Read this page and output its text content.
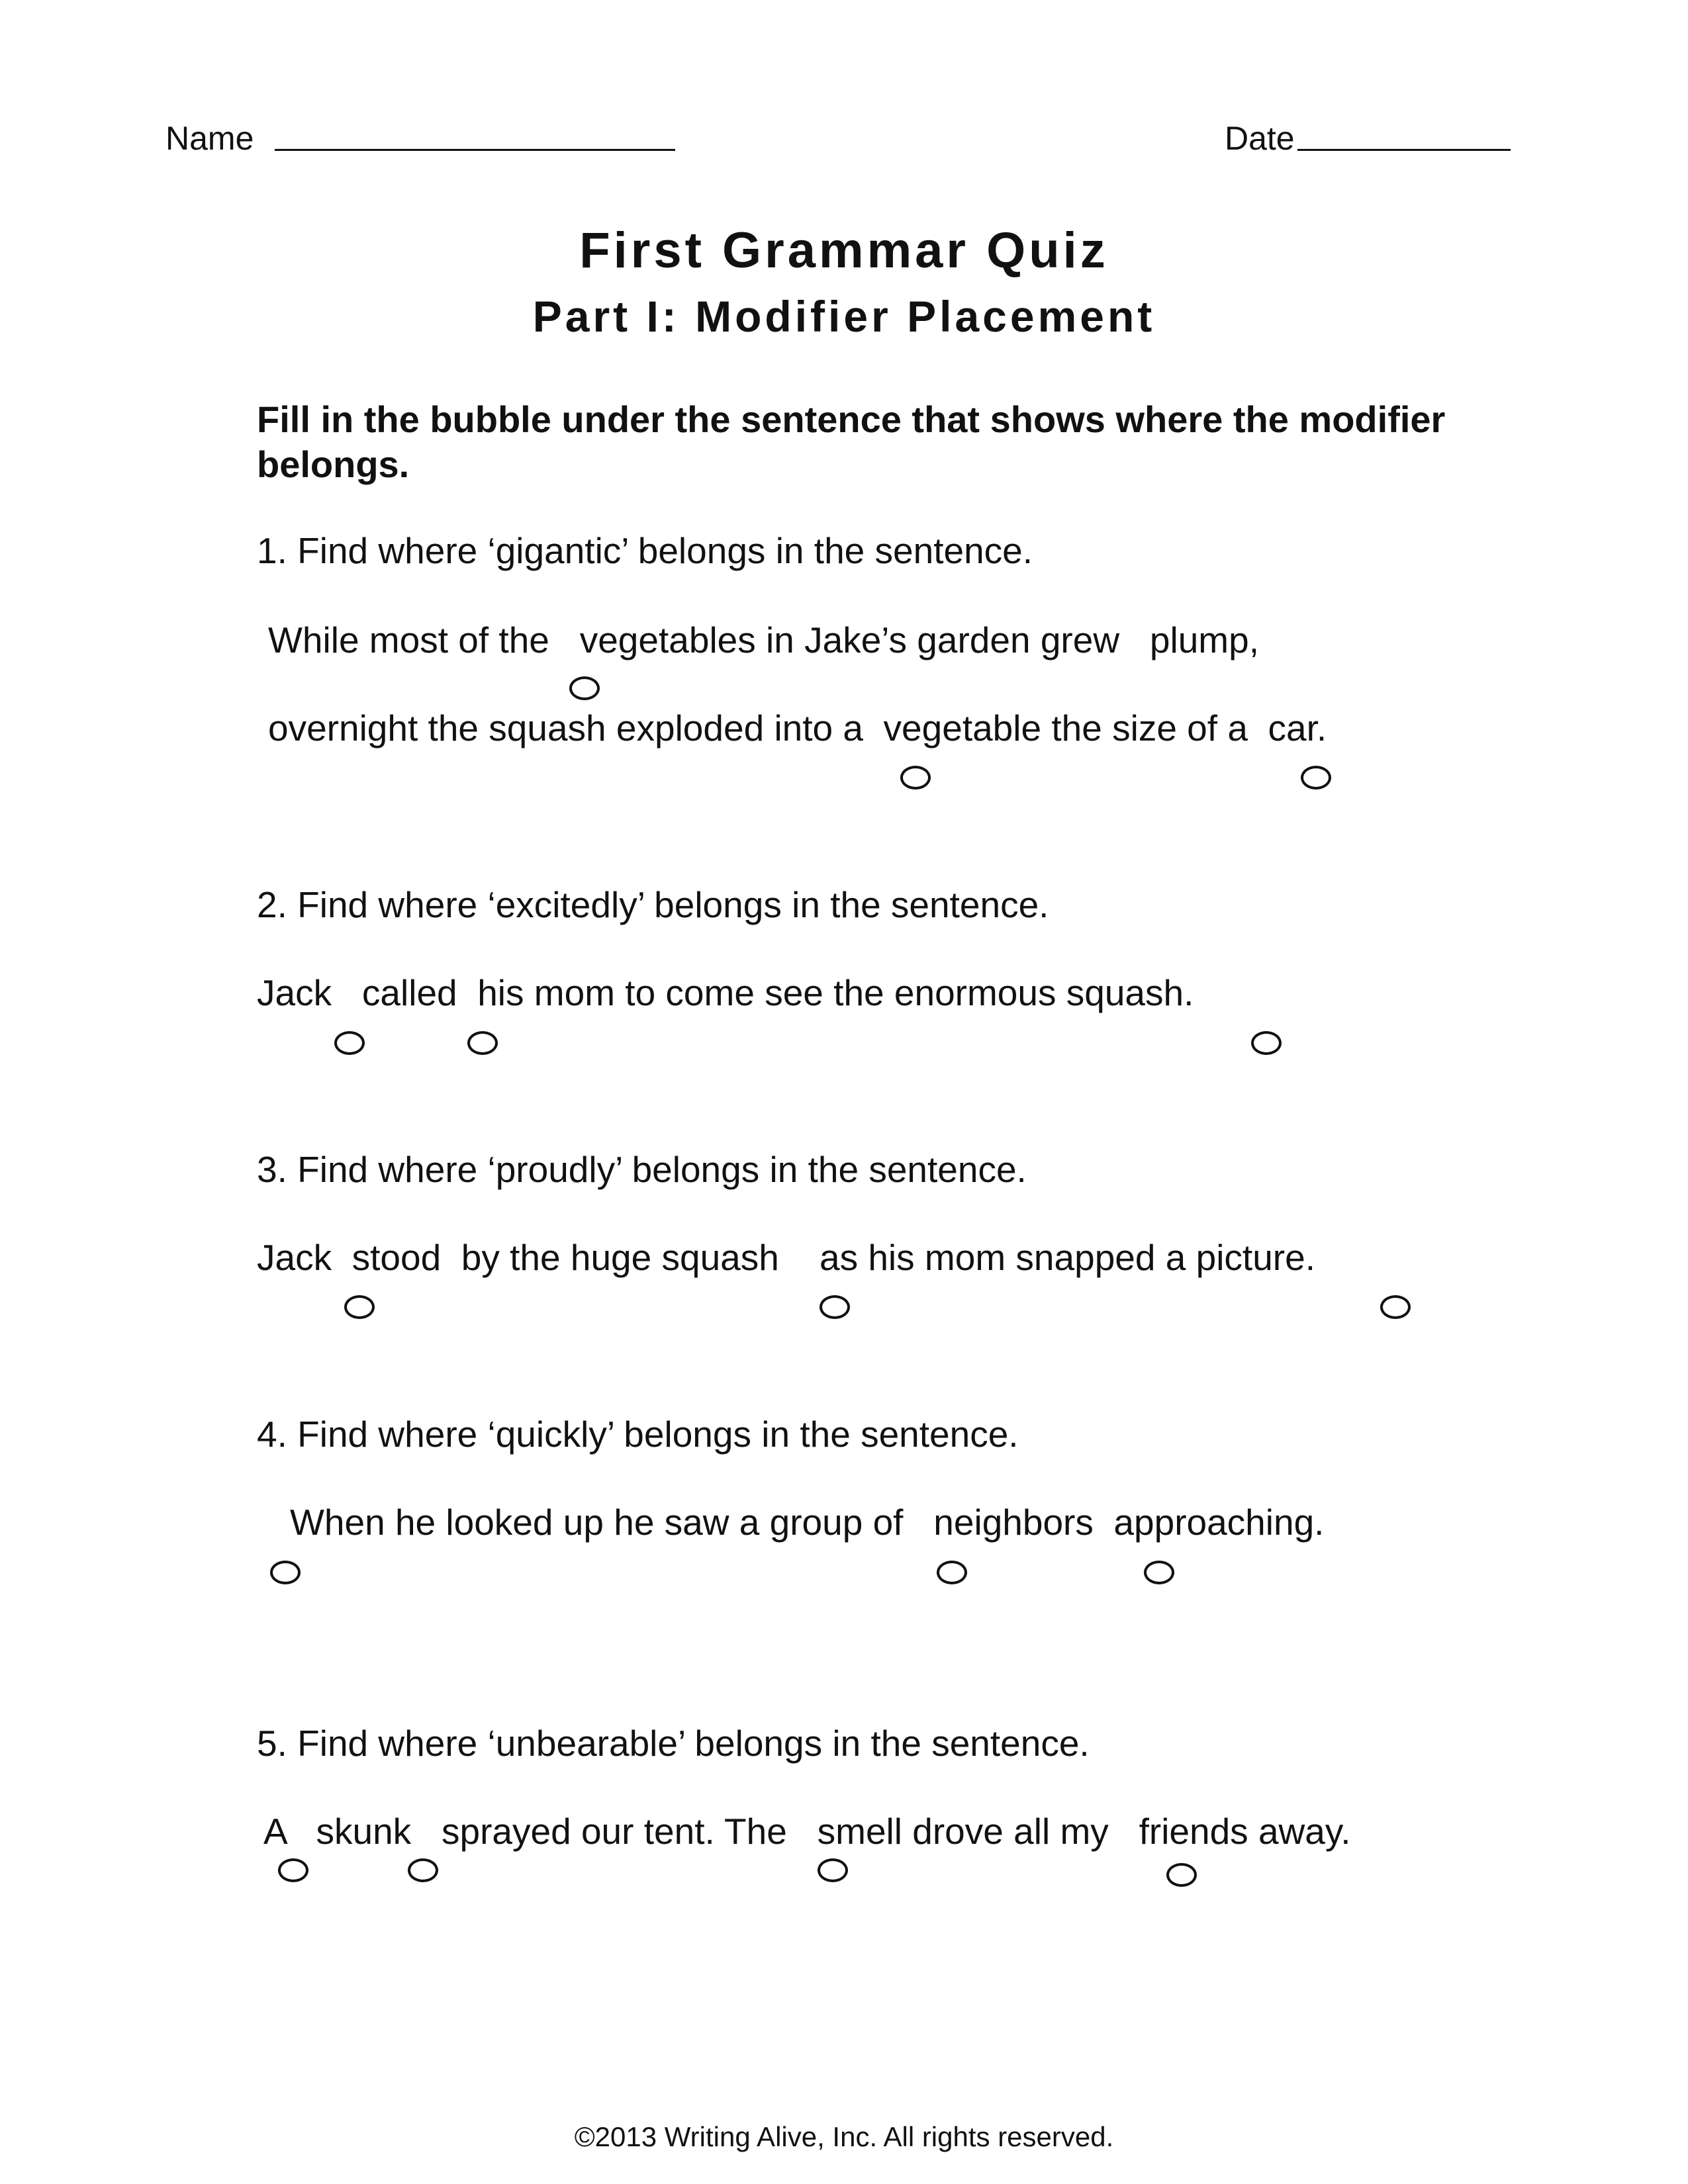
Name	Date
First Grammar Quiz
Part I: Modifier Placement
Fill in the bubble under the sentence that shows where the modifier belongs.
1. Find where ‘gigantic’ belongs in the sentence.
While most of the   vegetables in Jake’s garden grew   plump,
overnight the squash exploded into a  vegetable the size of a  car.
2. Find where ‘excitedly’ belongs in the sentence.
Jack   called  his mom to come see the enormous squash.
3. Find where ‘proudly’ belongs in the sentence.
Jack  stood  by the huge squash    as his mom snapped a picture.
4. Find where ‘quickly’ belongs in the sentence.
When he looked up he saw a group of   neighbors  approaching.
5. Find where ‘unbearable’ belongs in the sentence.
A   skunk   sprayed our tent. The   smell drove all my   friends away.
©2013 Writing Alive, Inc. All rights reserved.
